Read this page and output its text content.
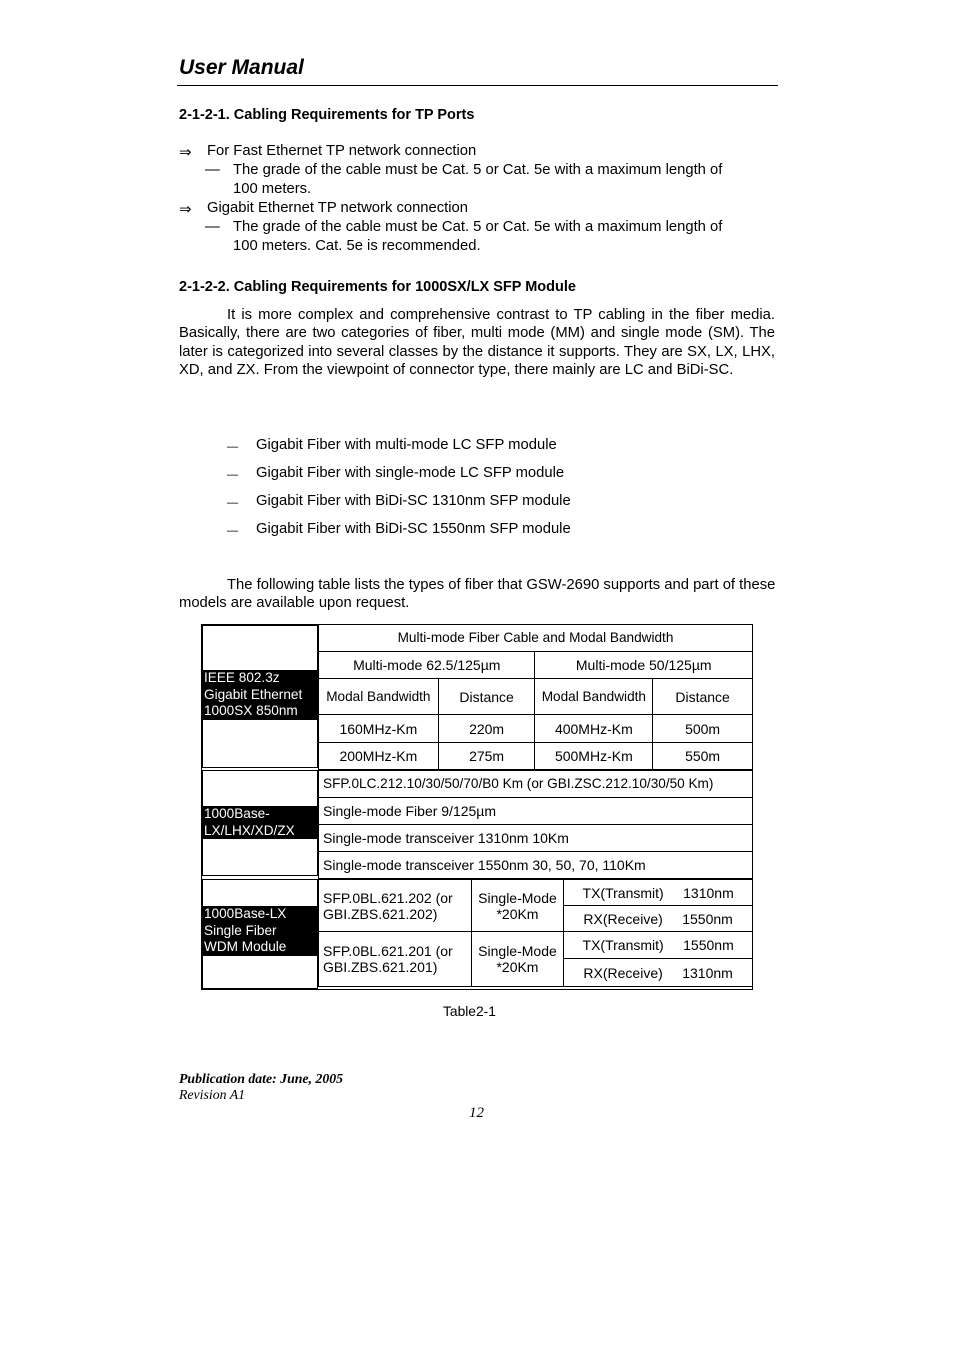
User Manual
2-1-2-1. Cabling Requirements for TP Ports
⇒ For Fast Ethernet TP network connection
— The grade of the cable must be Cat. 5 or Cat. 5e with a maximum length of
100 meters.
⇒ Gigabit Ethernet TP network connection
— The grade of the cable must be Cat. 5 or Cat. 5e with a maximum length of
100 meters. Cat. 5e is recommended.
2-1-2-2. Cabling Requirements for 1000SX/LX SFP Module

It is more complex and comprehensive contrast to TP cabling in the fiber media. Basically, there are two categories of fiber, multi mode (MM) and single mode (SM). The later is categorized into several classes by the distance it supports. They are SX, LX, LHX, XD, and ZX. From the viewpoint of connector type, there mainly are LC and BiDi-SC.

— Gigabit Fiber with multi-mode LC SFP module
— Gigabit Fiber with single-mode LC SFP module
— Gigabit Fiber with BiDi-SC 1310nm SFP module
— Gigabit Fiber with BiDi-SC 1550nm SFP module

The following table lists the types of fiber that GSW-2690 supports and part of these models are available upon request.

IEEE 802.3z
Gigabit Ethernet
1000SX 850nm
Multi-mode Fiber Cable and Modal Bandwidth			
Multi-mode 62.5/125µm		Multi-mode 50/125µm	
Modal Bandwidth	Distance	Modal Bandwidth	Distance
160MHz-Km	220m	400MHz-Km	500m
200MHz-Km	275m	500MHz-Km	550m
1000Base-
LX/LHX/XD/ZX
SFP.0LC.212.10/30/50/70/B0 Km (or GBI.ZSC.212.10/30/50 Km)
Single-mode Fiber 9/125µm
Single-mode transceiver 1310nm 10Km
Single-mode transceiver 1550nm 30, 50, 70, 110Km
1000Base-LX
Single Fiber
WDM Module
SFP.0BL.621.202 (or GBI.ZBS.621.202)	Single-Mode *20Km	TX(Transmit) 1310nm
		RX(Receive) 1550nm
SFP.0BL.621.201 (or GBI.ZBS.621.201)	Single-Mode *20Km	TX(Transmit) 1550nm
		RX(Receive) 1310nm
Table2-1
Publication date: June, 2005
Revision A1
12
